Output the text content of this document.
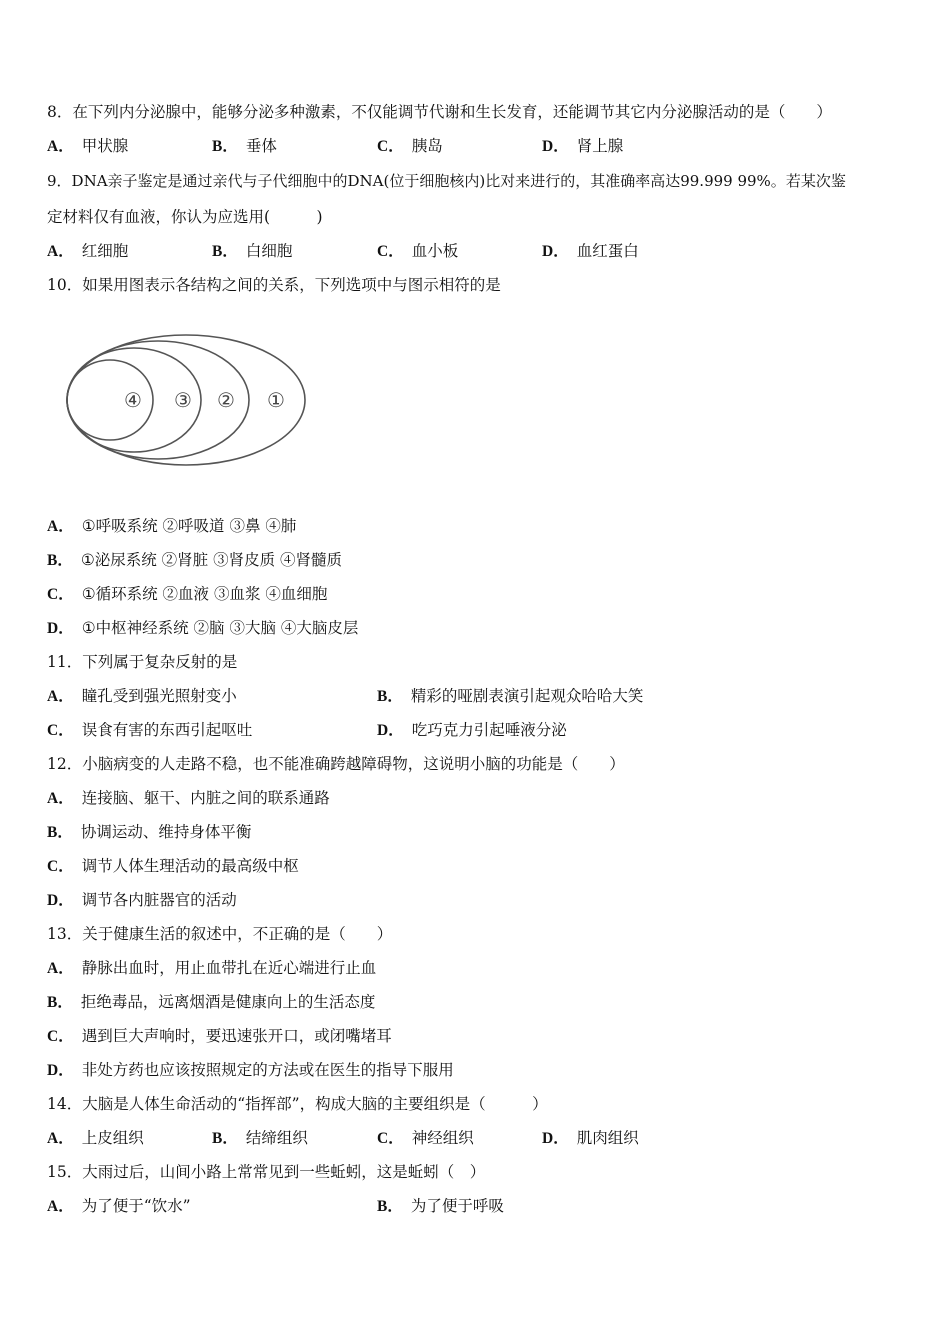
8．在下列内分泌腺中，能够分泌多种激素，不仅能调节代谢和生长发育，还能调节其它内分泌腺活动的是（　　）
A． 甲状腺	B． 垂体	C． 胰岛	D． 肾上腺
9．DNA亲子鉴定是通过亲代与子代细胞中的DNA(位于细胞核内)比对来进行的，其准确率高达99.999 99%。若某次鉴
定材料仅有血液，你认为应选用(　　　)
A． 红细胞	B． 白细胞	C． 血小板	D． 血红蛋白
10．如果用图表示各结构之间的关系，下列选项中与图示相符的是
①
②
③
④
A． ①呼吸系统 ②呼吸道 ③鼻 ④肺
B． ①泌尿系统 ②肾脏 ③肾皮质 ④肾髓质
C． ①循环系统 ②血液 ③血浆 ④血细胞
D． ①中枢神经系统 ②脑 ③大脑 ④大脑皮层
11．下列属于复杂反射的是
A． 瞳孔受到强光照射变小	B． 精彩的哑剧表演引起观众哈哈大笑
C． 误食有害的东西引起呕吐	D． 吃巧克力引起唾液分泌
12．小脑病变的人走路不稳，也不能准确跨越障碍物，这说明小脑的功能是（　　）
A． 连接脑、躯干、内脏之间的联系通路
B． 协调运动、维持身体平衡
C． 调节人体生理活动的最高级中枢
D． 调节各内脏器官的活动
13．关于健康生活的叙述中，不正确的是（　　）
A． 静脉出血时，用止血带扎在近心端进行止血
B． 拒绝毒品，远离烟酒是健康向上的生活态度
C． 遇到巨大声响时，要迅速张开口，或闭嘴堵耳
D． 非处方药也应该按照规定的方法或在医生的指导下服用
14．大脑是人体生命活动的“指挥部”，构成大脑的主要组织是（　　　）
A． 上皮组织	B． 结缔组织	C． 神经组织	D． 肌肉组织
15．大雨过后，山间小路上常常见到一些蚯蚓，这是蚯蚓（　）
A． 为了便于“饮水”	B． 为了便于呼吸
